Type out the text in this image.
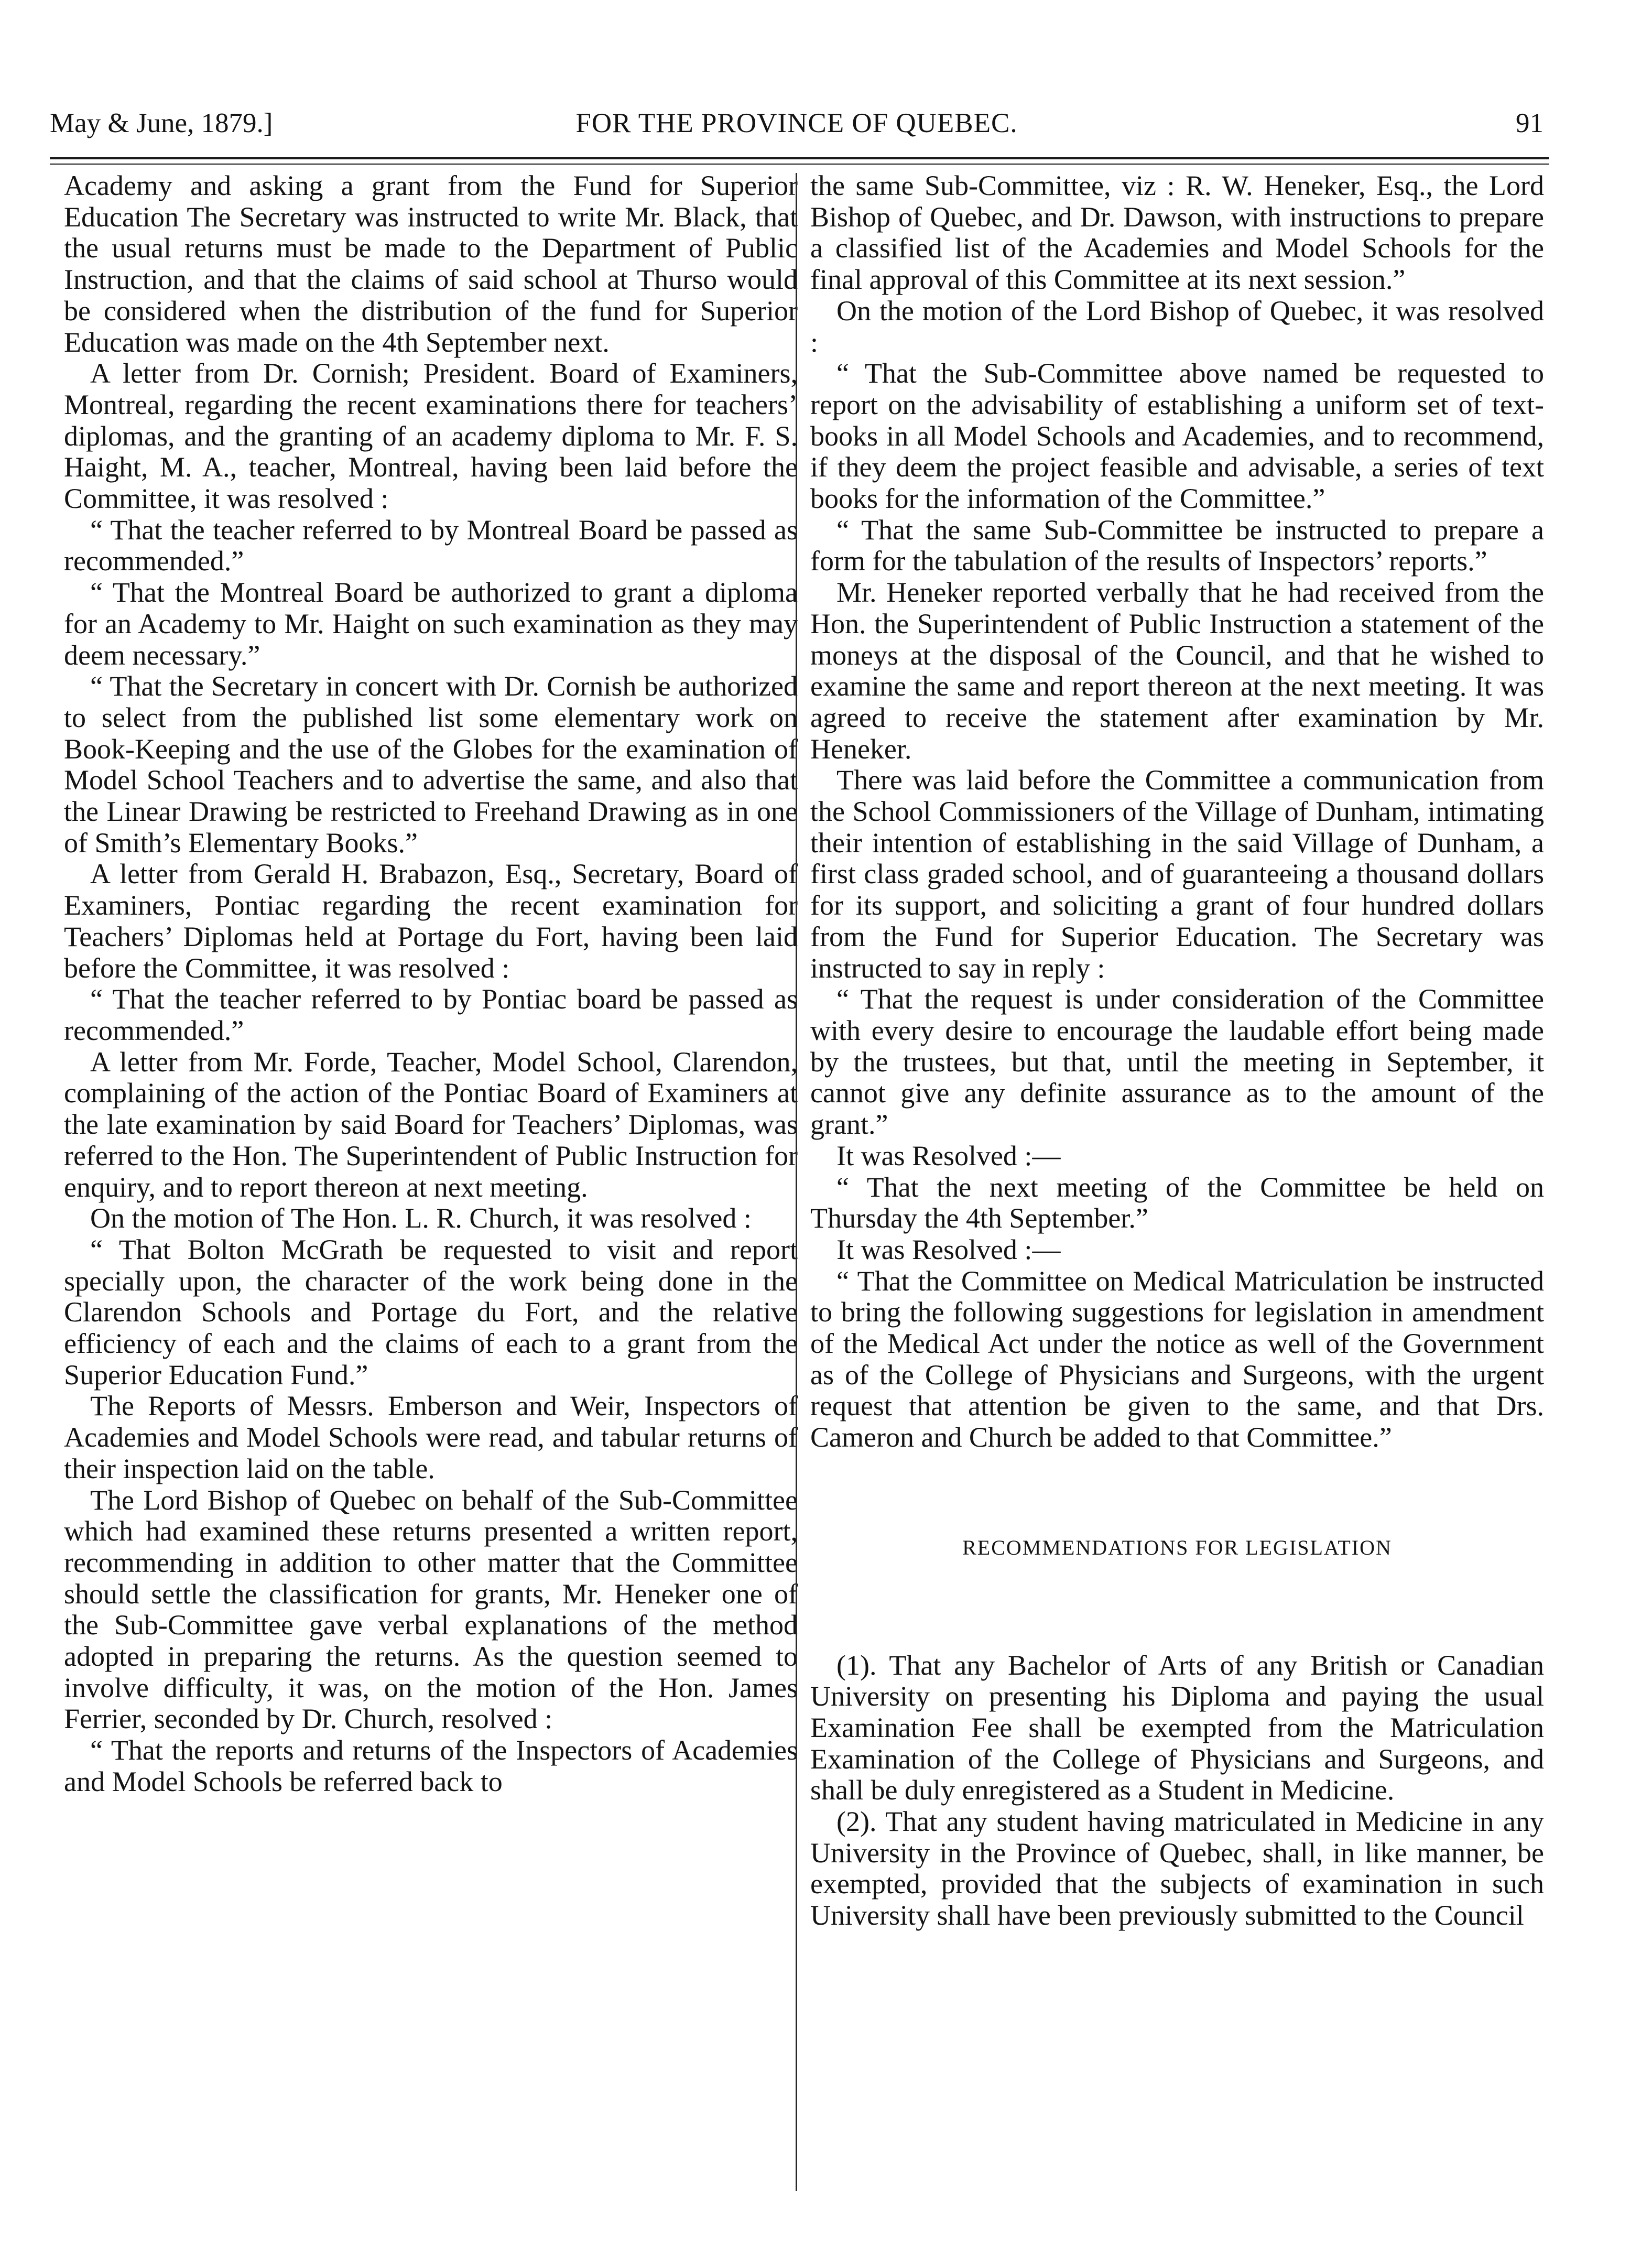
May & June, 1879.]	FOR THE PROVINCE OF QUEBEC.	91

Academy and asking a grant from the Fund for Superior Education The Secretary was instructed to write Mr. Black, that the usual returns must be made to the Department of Public Instruction, and that the claims of said school at Thurso would be considered when the distribution of the fund for Superior Education was made on the 4th September next.

A letter from Dr. Cornish; President. Board of Examiners, Montreal, regarding the recent examinations there for teachers’ diplomas, and the granting of an academy diploma to Mr. F. S. Haight, M. A., teacher, Montreal, having been laid before the Committee, it was resolved :

“ That the teacher referred to by Montreal Board be passed as recommended.”

“ That the Montreal Board be authorized to grant a diploma for an Academy to Mr. Haight on such examination as they may deem necessary.”

“ That the Secretary in concert with Dr. Cornish be authorized to select from the published list some elementary work on Book-Keeping and the use of the Globes for the examination of Model School Teachers and to advertise the same, and also that the Linear Drawing be restricted to Freehand Drawing as in one of Smith’s Elementary Books.”

A letter from Gerald H. Brabazon, Esq., Secretary, Board of Examiners, Pontiac regarding the recent examination for Teachers’ Diplomas held at Portage du Fort, having been laid before the Committee, it was resolved :

“ That the teacher referred to by Pontiac board be passed as recommended.”

A letter from Mr. Forde, Teacher, Model School, Clarendon, complaining of the action of the Pontiac Board of Examiners at the late examination by said Board for Teachers’ Diplomas, was referred to the Hon. The Superintendent of Public Instruction for enquiry, and to report thereon at next meeting.

On the motion of The Hon. L. R. Church, it was resolved :

“ That Bolton McGrath be requested to visit and report specially upon, the character of the work being done in the Clarendon Schools and Portage du Fort, and the relative efficiency of each and the claims of each to a grant from the Superior Education Fund.”

The Reports of Messrs. Emberson and Weir, Inspectors of Academies and Model Schools were read, and tabular returns of their inspection laid on the table.

The Lord Bishop of Quebec on behalf of the Sub-Committee which had examined these returns presented a written report, recommending in addition to other matter that the Committee should settle the classification for grants, Mr. Heneker one of the Sub-Committee gave verbal explanations of the method adopted in preparing the returns. As the question seemed to involve difficulty, it was, on the motion of the Hon. James Ferrier, seconded by Dr. Church, resolved :

“ That the reports and returns of the Inspectors of Academies and Model Schools be referred back to

the same Sub-Committee, viz : R. W. Heneker, Esq., the Lord Bishop of Quebec, and Dr. Dawson, with instructions to prepare a classified list of the Academies and Model Schools for the final approval of this Committee at its next session.”

On the motion of the Lord Bishop of Quebec, it was resolved :

“ That the Sub-Committee above named be requested to report on the advisability of establishing a uniform set of text-books in all Model Schools and Academies, and to recommend, if they deem the project feasible and advisable, a series of text books for the information of the Committee.”

“ That the same Sub-Committee be instructed to prepare a form for the tabulation of the results of Inspectors’ reports.”

Mr. Heneker reported verbally that he had received from the Hon. the Superintendent of Public Instruction a statement of the moneys at the disposal of the Council, and that he wished to examine the same and report thereon at the next meeting. It was agreed to receive the statement after examination by Mr. Heneker.

There was laid before the Committee a communication from the School Commissioners of the Village of Dunham, intimating their intention of establishing in the said Village of Dunham, a first class graded school, and of guaranteeing a thousand dollars for its support, and soliciting a grant of four hundred dollars from the Fund for Superior Education. The Secretary was instructed to say in reply :

“ That the request is under consideration of the Committee with every desire to encourage the laudable effort being made by the trustees, but that, until the meeting in September, it cannot give any definite assurance as to the amount of the grant.”

It was Resolved :—

“ That the next meeting of the Committee be held on Thursday the 4th September.”

It was Resolved :—

“ That the Committee on Medical Matriculation be instructed to bring the following suggestions for legislation in amendment of the Medical Act under the notice as well of the Government as of the College of Physicians and Surgeons, with the urgent request that attention be given to the same, and that Drs. Cameron and Church be added to that Committee.”

RECOMMENDATIONS FOR LEGISLATION

(1). That any Bachelor of Arts of any British or Canadian University on presenting his Diploma and paying the usual Examination Fee shall be exempted from the Matriculation Examination of the College of Physicians and Surgeons, and shall be duly enregistered as a Student in Medicine.

(2). That any student having matriculated in Medicine in any University in the Province of Quebec, shall, in like manner, be exempted, provided that the subjects of examination in such University shall have been previously submitted to the Council
